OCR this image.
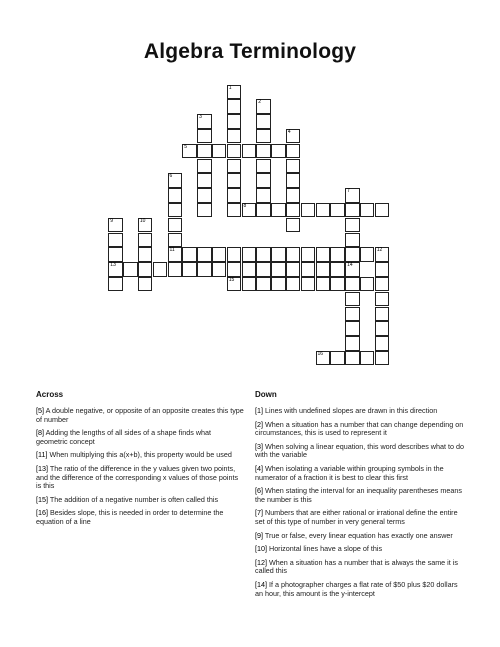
Algebra Terminology
1
2
3
4
5
6
11
7
14
8
9
13
10
12
15
16
Across	Down
[5] A double negative, or opposite of an opposite creates this type of number
[8] Adding the lengths of all sides of a shape finds what geometric concept
[11] When multiplying this a(x+b), this property would be used
[13] The ratio of the difference in the y values given two points, and the difference of the corresponding x values of those points is this
[15] The addition of a negative number is often called this
[16] Besides slope, this is needed in order to determine the equation of a line
[1] Lines with undefined slopes are drawn in this direction
[2] When a situation has a number that can change depending on circumstances, this is used to represent it
[3] When solving a linear equation, this word describes what to do with the variable
[4] When isolating a variable within grouping symbols in the numerator of a fraction it is best to clear this first
[6] When stating the interval for an inequality parentheses means the number is this
[7] Numbers that are either rational or irrational define the entire set of this type of number in very general terms
[9] True or false, every linear equation has exactly one answer
[10] Horizontal lines have a slope of this
[12] When a situation has a number that is always the same it is called this
[14] If a photographer charges a flat rate of $50 plus $20 dollars an hour, this amount is the y-intercept
